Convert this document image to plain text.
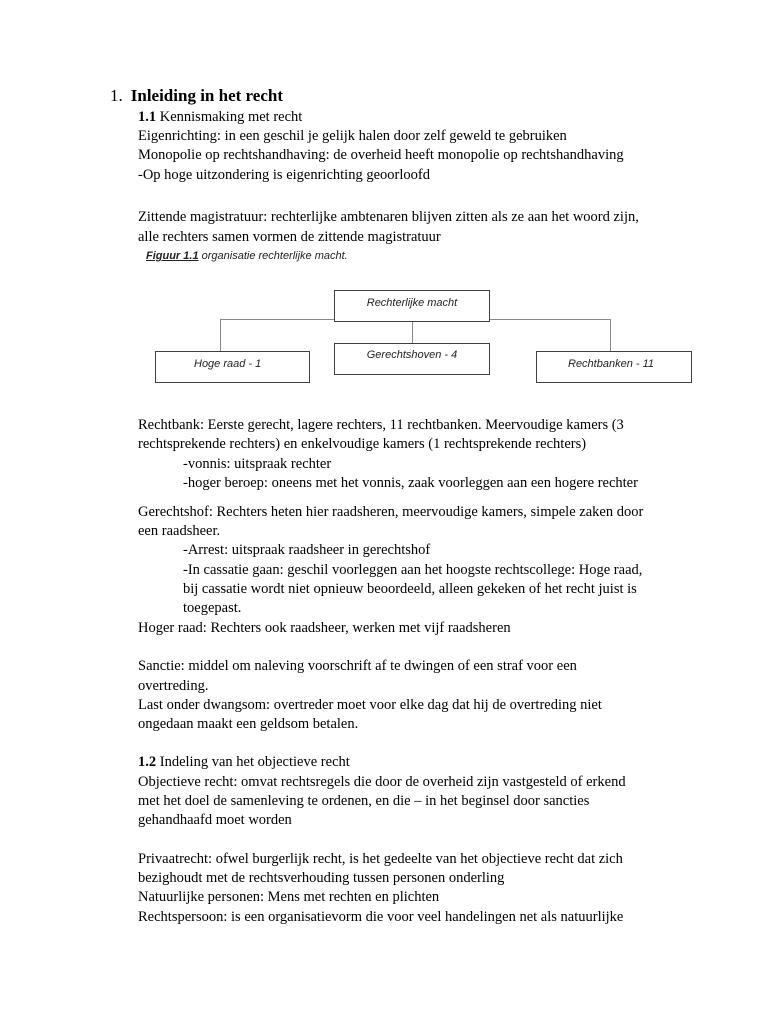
1. Inleiding in het recht
1.1 Kennismaking met recht
Eigenrichting: in een geschil je gelijk halen door zelf geweld te gebruiken
Monopolie op rechtshandhaving: de overheid heeft monopolie op rechtshandhaving
-Op hoge uitzondering is eigenrichting geoorloofd
Zittende magistratuur: rechterlijke ambtenaren blijven zitten als ze aan het woord zijn,
alle rechters samen vormen de zittende magistratuur
Figuur 1.1 organisatie rechterlijke macht.
Rechterlijke macht
Hoge raad - 1
Gerechtshoven - 4
Rechtbanken - 11
Rechtbank: Eerste gerecht, lagere rechters, 11 rechtbanken. Meervoudige kamers (3
rechtsprekende rechters) en enkelvoudige kamers (1 rechtsprekende rechters)
-vonnis: uitspraak rechter
-hoger beroep: oneens met het vonnis, zaak voorleggen aan een hogere rechter
Gerechtshof: Rechters heten hier raadsheren, meervoudige kamers, simpele zaken door
een raadsheer.
-Arrest: uitspraak raadsheer in gerechtshof
-In cassatie gaan: geschil voorleggen aan het hoogste rechtscollege: Hoge raad,
bij cassatie wordt niet opnieuw beoordeeld, alleen gekeken of het recht juist is
toegepast.
Hoger raad: Rechters ook raadsheer, werken met vijf raadsheren
Sanctie: middel om naleving voorschrift af te dwingen of een straf voor een
overtreding.
Last onder dwangsom: overtreder moet voor elke dag dat hij de overtreding niet
ongedaan maakt een geldsom betalen.
1.2 Indeling van het objectieve recht
Objectieve recht: omvat rechtsregels die door de overheid zijn vastgesteld of erkend
met het doel de samenleving te ordenen, en die – in het beginsel door sancties
gehandhaafd moet worden
Privaatrecht: ofwel burgerlijk recht, is het gedeelte van het objectieve recht dat zich
bezighoudt met de rechtsverhouding tussen personen onderling
Natuurlijke personen: Mens met rechten en plichten
Rechtspersoon: is een organisatievorm die voor veel handelingen net als natuurlijke
